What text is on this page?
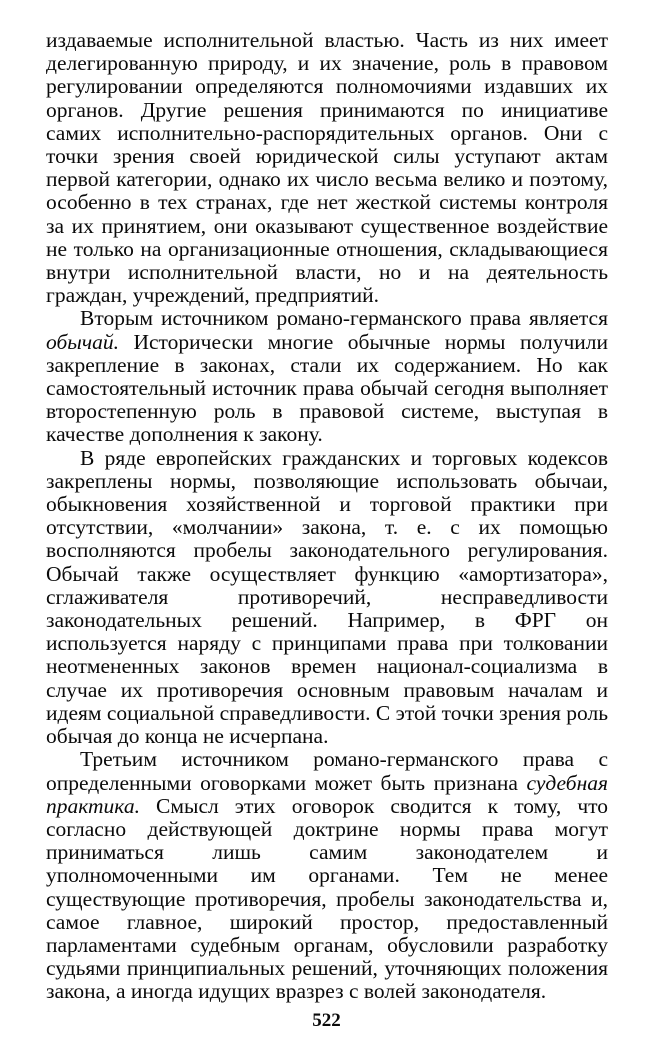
издаваемые исполнительной властью. Часть из них имеет делегированную природу, и их значение, роль в правовом регулировании определяются полномочиями издавших их органов. Другие решения принимаются по инициативе самих исполнительно-распорядительных органов. Они с точки зрения своей юридической силы уступают актам первой категории, однако их число весьма велико и поэтому, особенно в тех странах, где нет жесткой системы контроля за их принятием, они оказывают существенное воздействие не только на организационные отношения, складывающиеся внутри исполнительной власти, но и на деятельность граждан, учреждений, предприятий.

Вторым источником романо-германского права является обычай. Исторически многие обычные нормы получили закрепление в законах, стали их содержанием. Но как самостоятельный источник права обычай сегодня выполняет второстепенную роль в правовой системе, выступая в качестве дополнения к закону.

В ряде европейских гражданских и торговых кодексов закреплены нормы, позволяющие использовать обычаи, обыкновения хозяйственной и торговой практики при отсутствии, «молчании» закона, т. е. с их помощью восполняются пробелы законодательного регулирования. Обычай также осуществляет функцию «амортизатора», сглаживателя противоречий, несправедливости законодательных решений. Например, в ФРГ он используется наряду с принципами права при толковании неотмененных законов времен национал-социализма в случае их противоречия основным правовым началам и идеям социальной справедливости. С этой точки зрения роль обычая до конца не исчерпана.

Третьим источником романо-германского права с определенными оговорками может быть признана судебная практика. Смысл этих оговорок сводится к тому, что согласно действующей доктрине нормы права могут приниматься лишь самим законодателем и уполномоченными им органами. Тем не менее существующие противоречия, пробелы законодательства и, самое главное, широкий простор, предоставленный парламентами судебным органам, обусловили разработку судьями принципиальных решений, уточняющих положения закона, а иногда идущих вразрез с волей законодателя.

522
